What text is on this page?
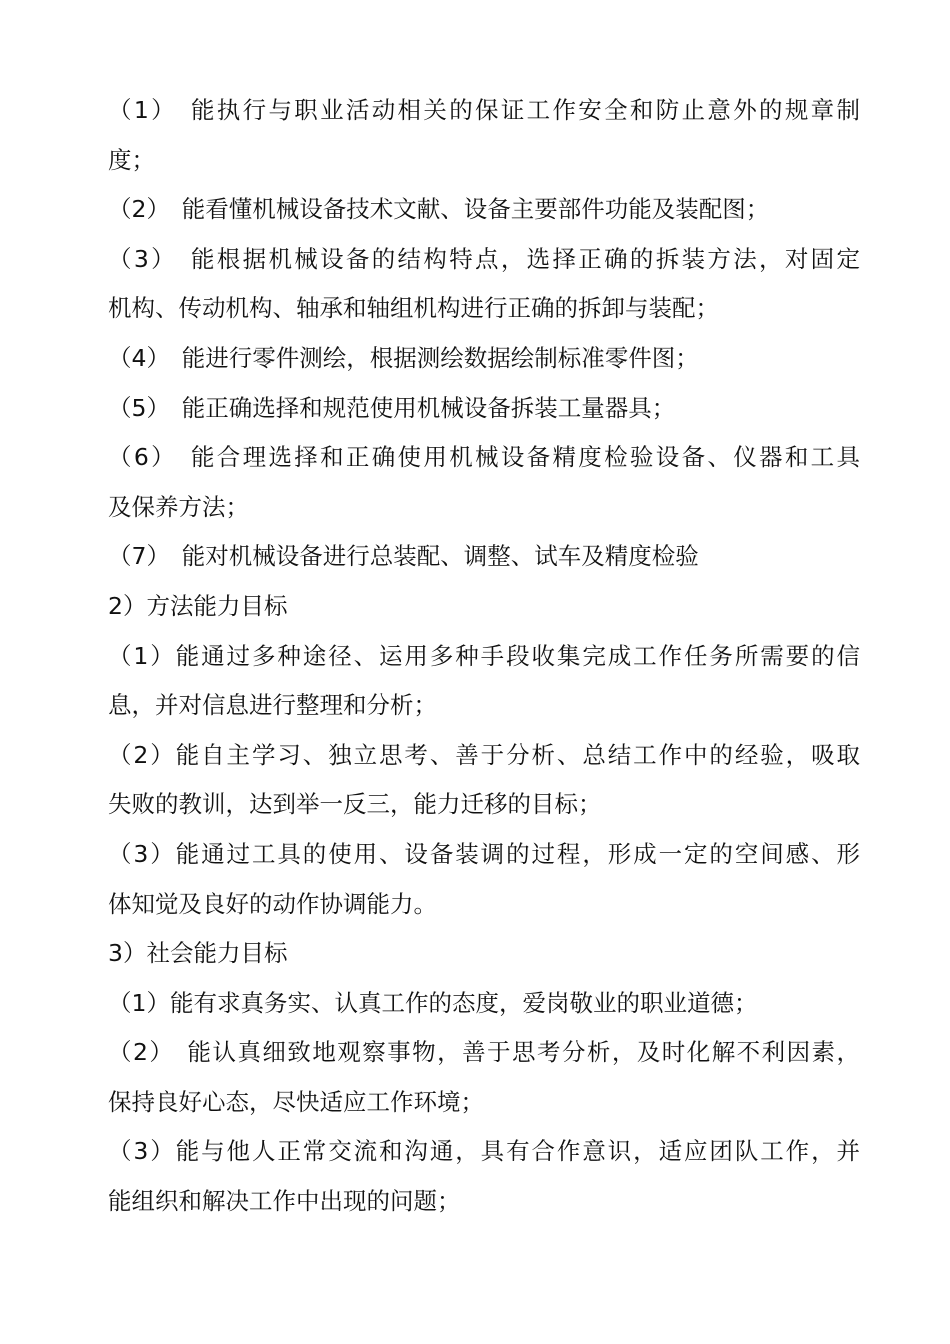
（1）　能执行与职业活动相关的保证工作安全和防止意外的规章制
度；
（2）　能看懂机械设备技术文献、设备主要部件功能及装配图；
（3）　能根据机械设备的结构特点，选择正确的拆装方法，对固定
机构、传动机构、轴承和轴组机构进行正确的拆卸与装配；
（4）　能进行零件测绘，根据测绘数据绘制标准零件图；
（5）　能正确选择和规范使用机械设备拆装工量器具；
（6）　能合理选择和正确使用机械设备精度检验设备、仪器和工具
及保养方法；
（7）　能对机械设备进行总装配、调整、试车及精度检验
2）方法能力目标
（1）能通过多种途径、运用多种手段收集完成工作任务所需要的信
息，并对信息进行整理和分析；
（2）能自主学习、独立思考、善于分析、总结工作中的经验，吸取
失败的教训，达到举一反三，能力迁移的目标；
（3）能通过工具的使用、设备装调的过程，形成一定的空间感、形
体知觉及良好的动作协调能力。
3）社会能力目标
（1）能有求真务实、认真工作的态度，爱岗敬业的职业道德；
（2）　能认真细致地观察事物，善于思考分析，及时化解不利因素，
保持良好心态，尽快适应工作环境；
（3）能与他人正常交流和沟通，具有合作意识，适应团队工作，并
能组织和解决工作中出现的问题；
